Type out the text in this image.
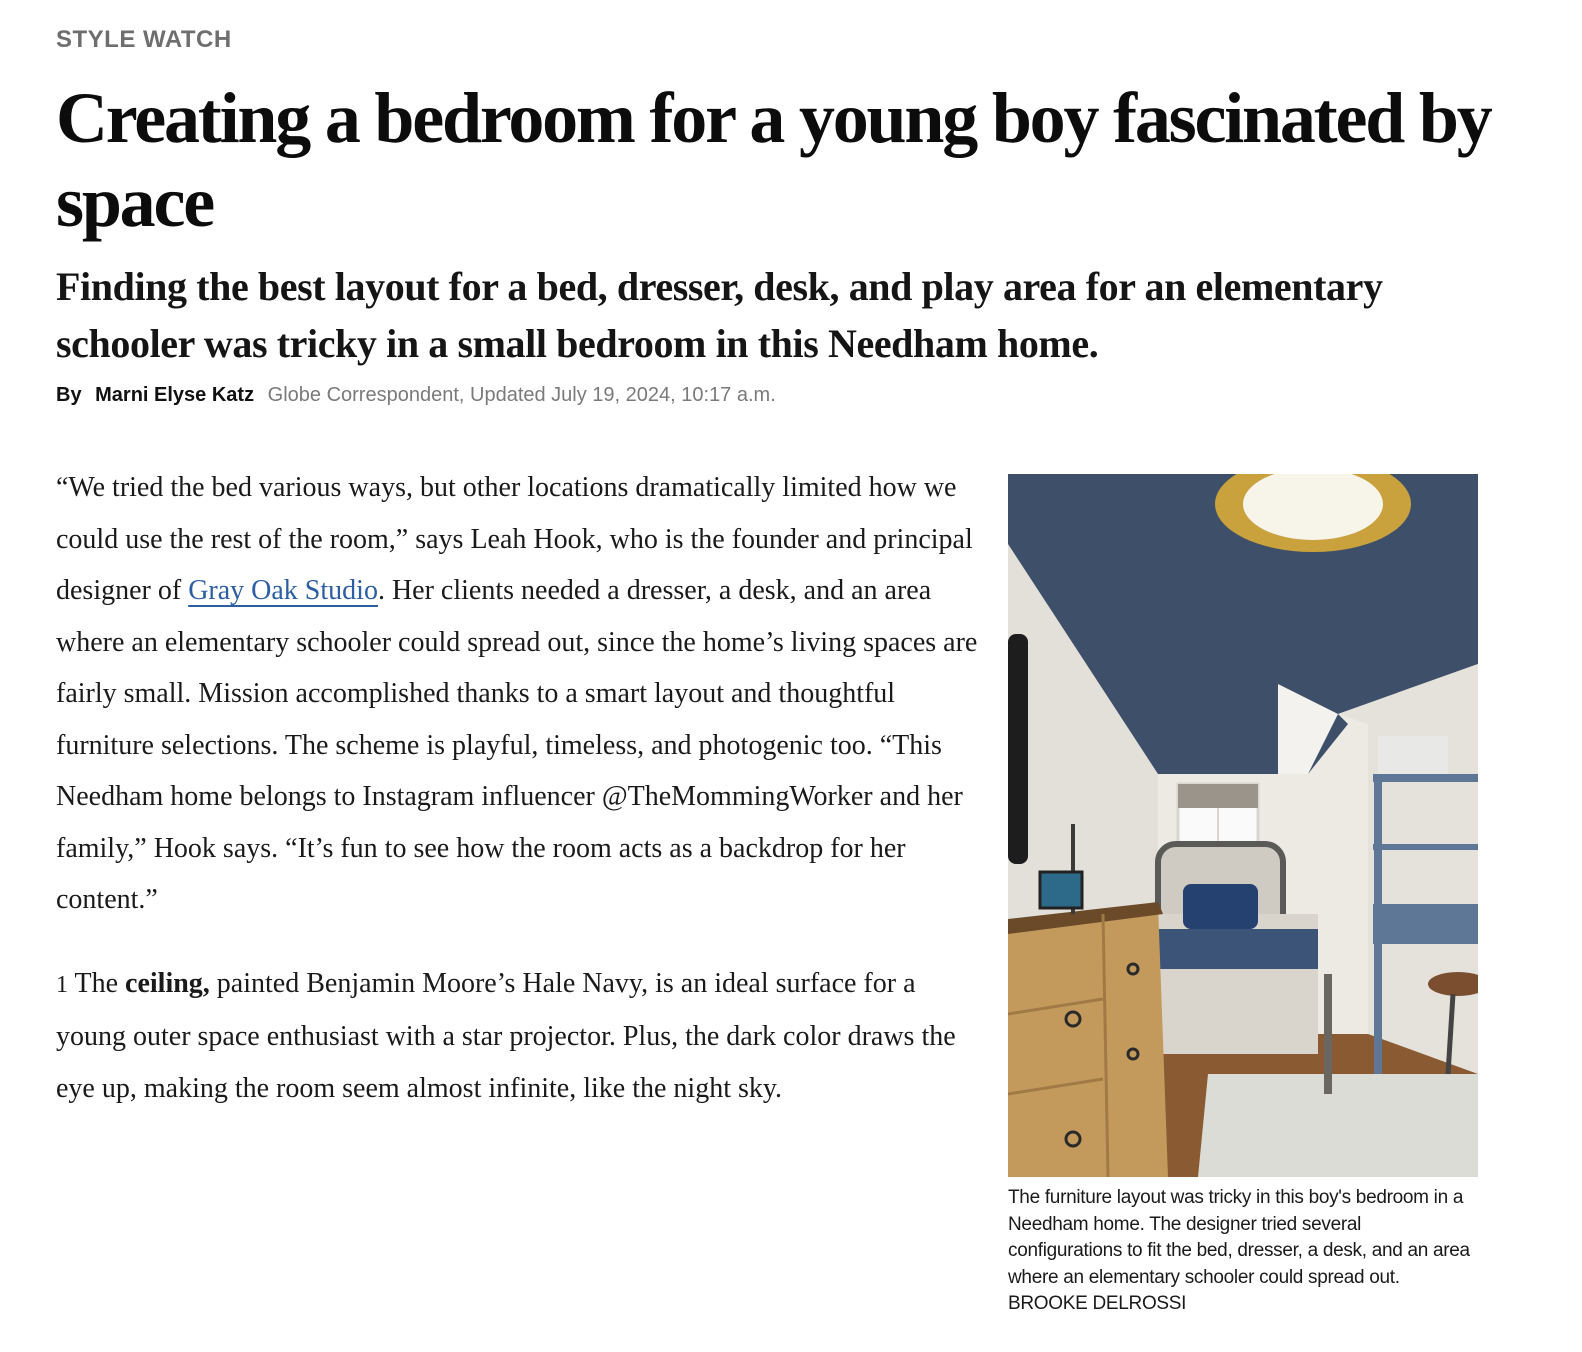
STYLE WATCH
Creating a bedroom for a young boy fascinated by space
Finding the best layout for a bed, dresser, desk, and play area for an elementary schooler was tricky in a small bedroom in this Needham home.
By Marni Elyse Katz Globe Correspondent, Updated July 19, 2024, 10:17 a.m.

“We tried the bed various ways, but other locations dramatically limited how we could use the rest of the room,” says Leah Hook, who is the founder and principal designer of Gray Oak Studio. Her clients needed a dresser, a desk, and an area where an elementary schooler could spread out, since the home’s living spaces are fairly small. Mission accomplished thanks to a smart layout and thoughtful furniture selections. The scheme is playful, timeless, and photogenic too. “This Needham home belongs to Instagram influencer @TheMommingWorker and her family,” Hook says. “It’s fun to see how the room acts as a backdrop for her content.”

1 The ceiling, painted Benjamin Moore’s Hale Navy, is an ideal surface for a young outer space enthusiast with a star projector. Plus, the dark color draws the eye up, making the room seem almost infinite, like the night sky.

The furniture layout was tricky in this boy's bedroom in a Needham home. The designer tried several configurations to fit the bed, dresser, a desk, and an area where an elementary schooler could spread out. BROOKE DELROSSI
